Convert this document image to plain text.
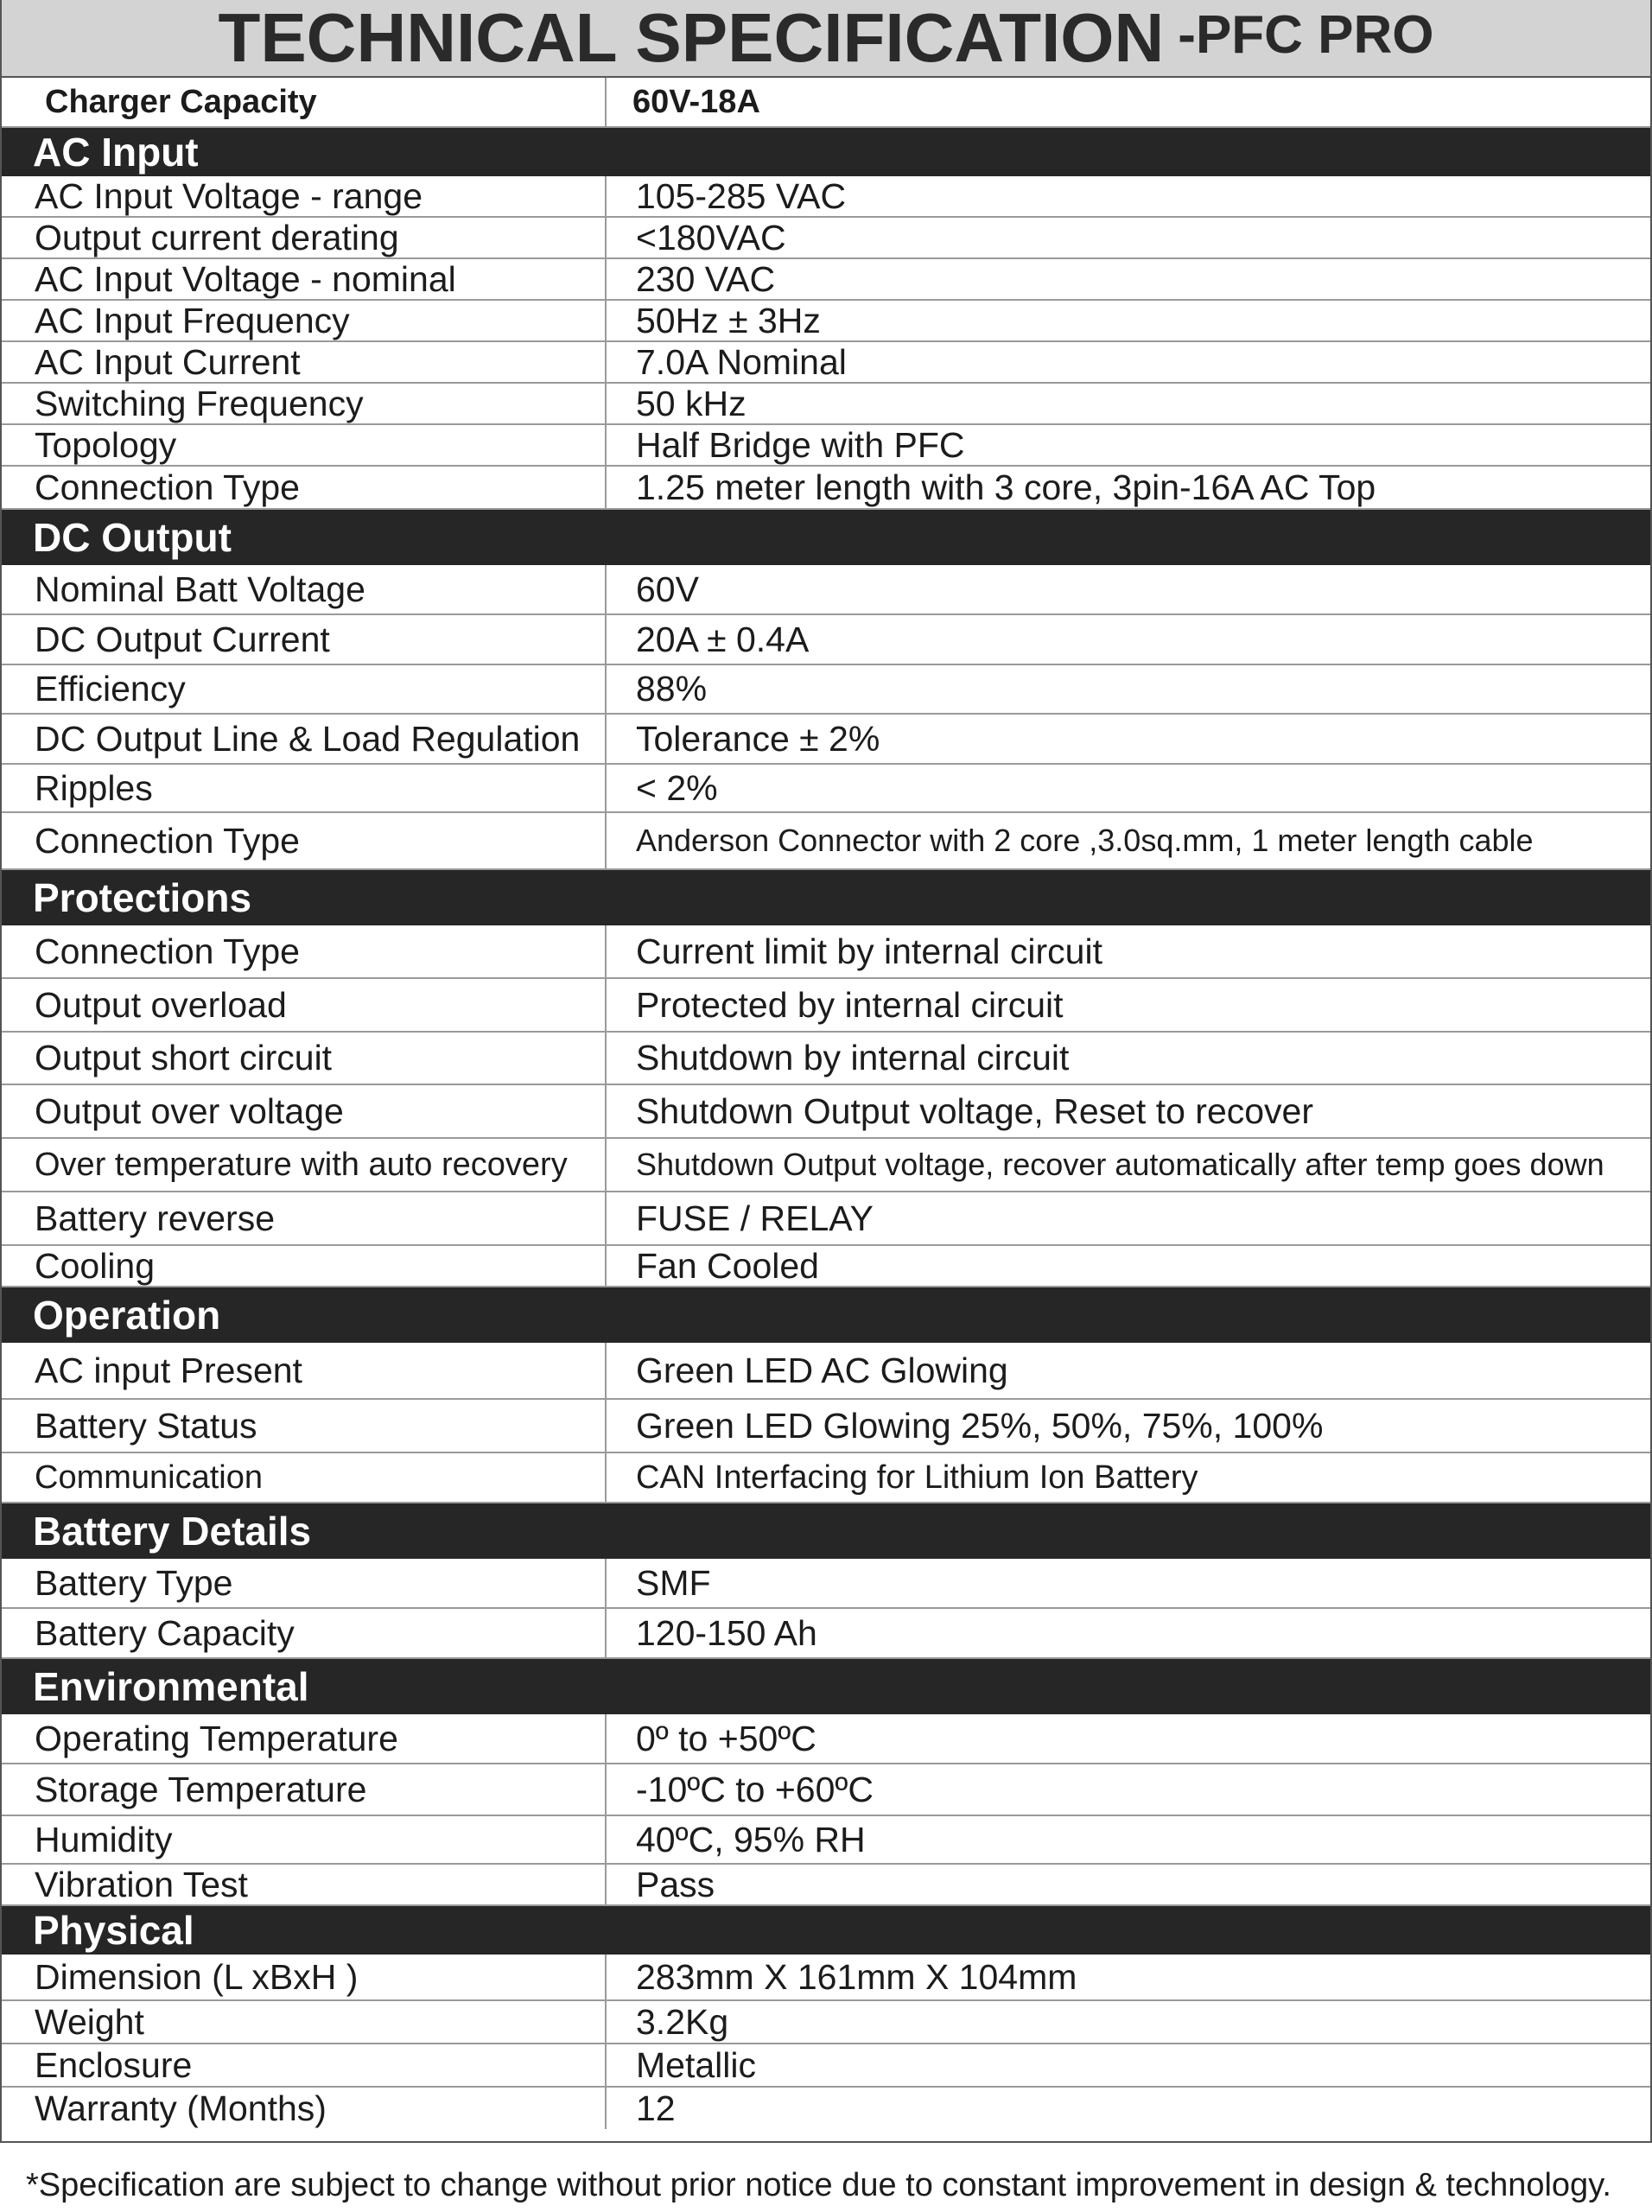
TECHNICAL SPECIFICATION -PFC PRO
Charger Capacity	60V-18A
AC Input
AC Input Voltage - range	105-285 VAC
Output current derating	<180VAC
AC Input Voltage - nominal	230 VAC
AC Input Frequency	50Hz ± 3Hz
AC Input Current	7.0A Nominal
Switching Frequency	50 kHz
Topology	Half Bridge with PFC
Connection Type	1.25 meter length with 3 core, 3pin-16A AC Top
DC Output
Nominal Batt Voltage	60V
DC Output Current	20A ± 0.4A
Efficiency	88%
DC Output Line & Load Regulation	Tolerance ± 2%
Ripples	< 2%
Connection Type	Anderson Connector with 2 core ,3.0sq.mm, 1 meter length cable
Protections
Connection Type	Current limit by internal circuit
Output overload	Protected by internal circuit
Output short circuit	Shutdown by internal circuit
Output over voltage	Shutdown Output voltage, Reset to recover
Over temperature with auto recovery	Shutdown Output voltage, recover automatically after temp goes down
Battery reverse	FUSE / RELAY
Cooling	Fan Cooled
Operation
AC input Present	Green LED AC Glowing
Battery Status	Green LED Glowing 25%, 50%, 75%, 100%
Communication	CAN Interfacing for Lithium Ion Battery
Battery Details
Battery Type	SMF
Battery Capacity	120-150 Ah
Environmental
Operating Temperature	0º to +50ºC
Storage Temperature	-10ºC to +60ºC
Humidity	40ºC, 95% RH
Vibration Test	Pass
Physical
Dimension (L xBxH )	283mm X 161mm X 104mm
Weight	3.2Kg
Enclosure	Metallic
Warranty (Months)	12
*Specification are subject to change without prior notice due to constant improvement in design & technology.
